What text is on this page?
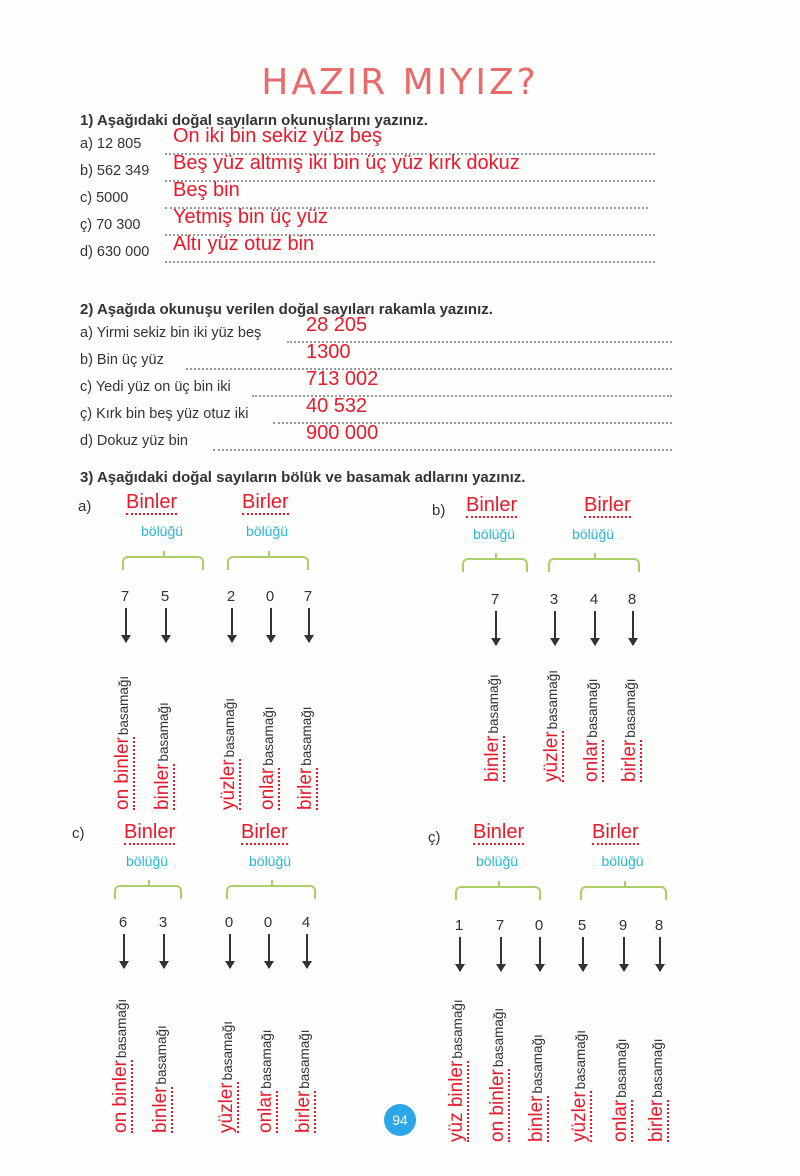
HAZIR MIYIZ?
1) Aşağıdaki doğal sayıların okunuşlarını yazınız.
a) 12 805 On iki bin sekiz yüz beş
b) 562 349 Beş yüz altmış iki bin üç yüz kırk dokuz
c) 5000 Beş bin
ç) 70 300 Yetmiş bin üç yüz
d) 630 000 Altı yüz otuz bin
2) Aşağıda okunuşu verilen doğal sayıları rakamla yazınız.
a) Yirmi sekiz bin iki yüz beş 28 205
b) Bin üç yüz	1300
c) Yedi yüz on üç bin iki	713 002
ç) Kırk bin beş yüz otuz iki	40 532
d) Dokuz yüz bin	900 000
3) Aşağıdaki doğal sayıların bölük ve basamak adlarını yazınız.
a) Binler
bölüğü
Birler
bölüğü
7
on binlerbasamağı
5
binlerbasamağı
2
yüzlerbasamağı
0
onlarbasamağı
7
birlerbasamağı
b) Binler
bölüğü
Birler
bölüğü
7
binlerbasamağı
3
yüzlerbasamağı
4
onlarbasamağı
8
birlerbasamağı
c) Binler
bölüğü
Birler
bölüğü
6
on binlerbasamağı
3
binlerbasamağı
0
yüzlerbasamağı
0
onlarbasamağı
4
birlerbasamağı
ç) Binler
bölüğü
Birler
bölüğü
1
yüz binlerbasamağı
7
on binlerbasamağı
0
binlerbasamağı
5
yüzlerbasamağı
9
onlarbasamağı
8
birlerbasamağı
94
